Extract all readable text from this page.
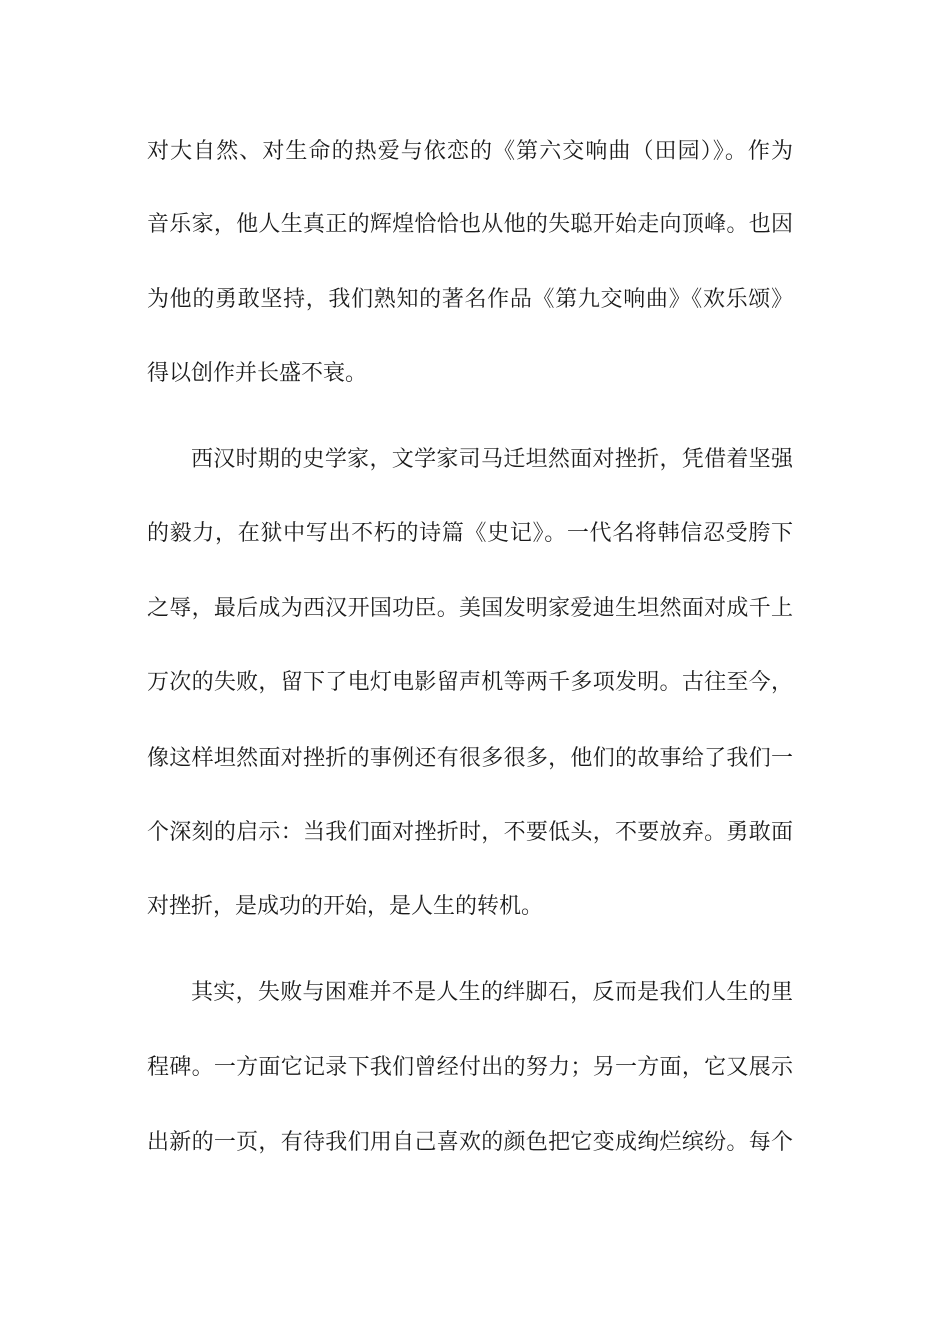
对大自然、对生命的热爱与依恋的《第六交响曲（田园）》。作为
音乐家，他人生真正的辉煌恰恰也从他的失聪开始走向顶峰。也因
为他的勇敢坚持，我们熟知的著名作品《第九交响曲》《欢乐颂》
得以创作并长盛不衰。
西汉时期的史学家，文学家司马迁坦然面对挫折，凭借着坚强
的毅力，在狱中写出不朽的诗篇《史记》。一代名将韩信忍受胯下
之辱，最后成为西汉开国功臣。美国发明家爱迪生坦然面对成千上
万次的失败，留下了电灯电影留声机等两千多项发明。古往至今，
像这样坦然面对挫折的事例还有很多很多，他们的故事给了我们一
个深刻的启示：当我们面对挫折时，不要低头，不要放弃。勇敢面
对挫折，是成功的开始，是人生的转机。
其实，失败与困难并不是人生的绊脚石，反而是我们人生的里
程碑。一方面它记录下我们曾经付出的努力；另一方面，它又展示
出新的一页，有待我们用自己喜欢的颜色把它变成绚烂缤纷。每个
